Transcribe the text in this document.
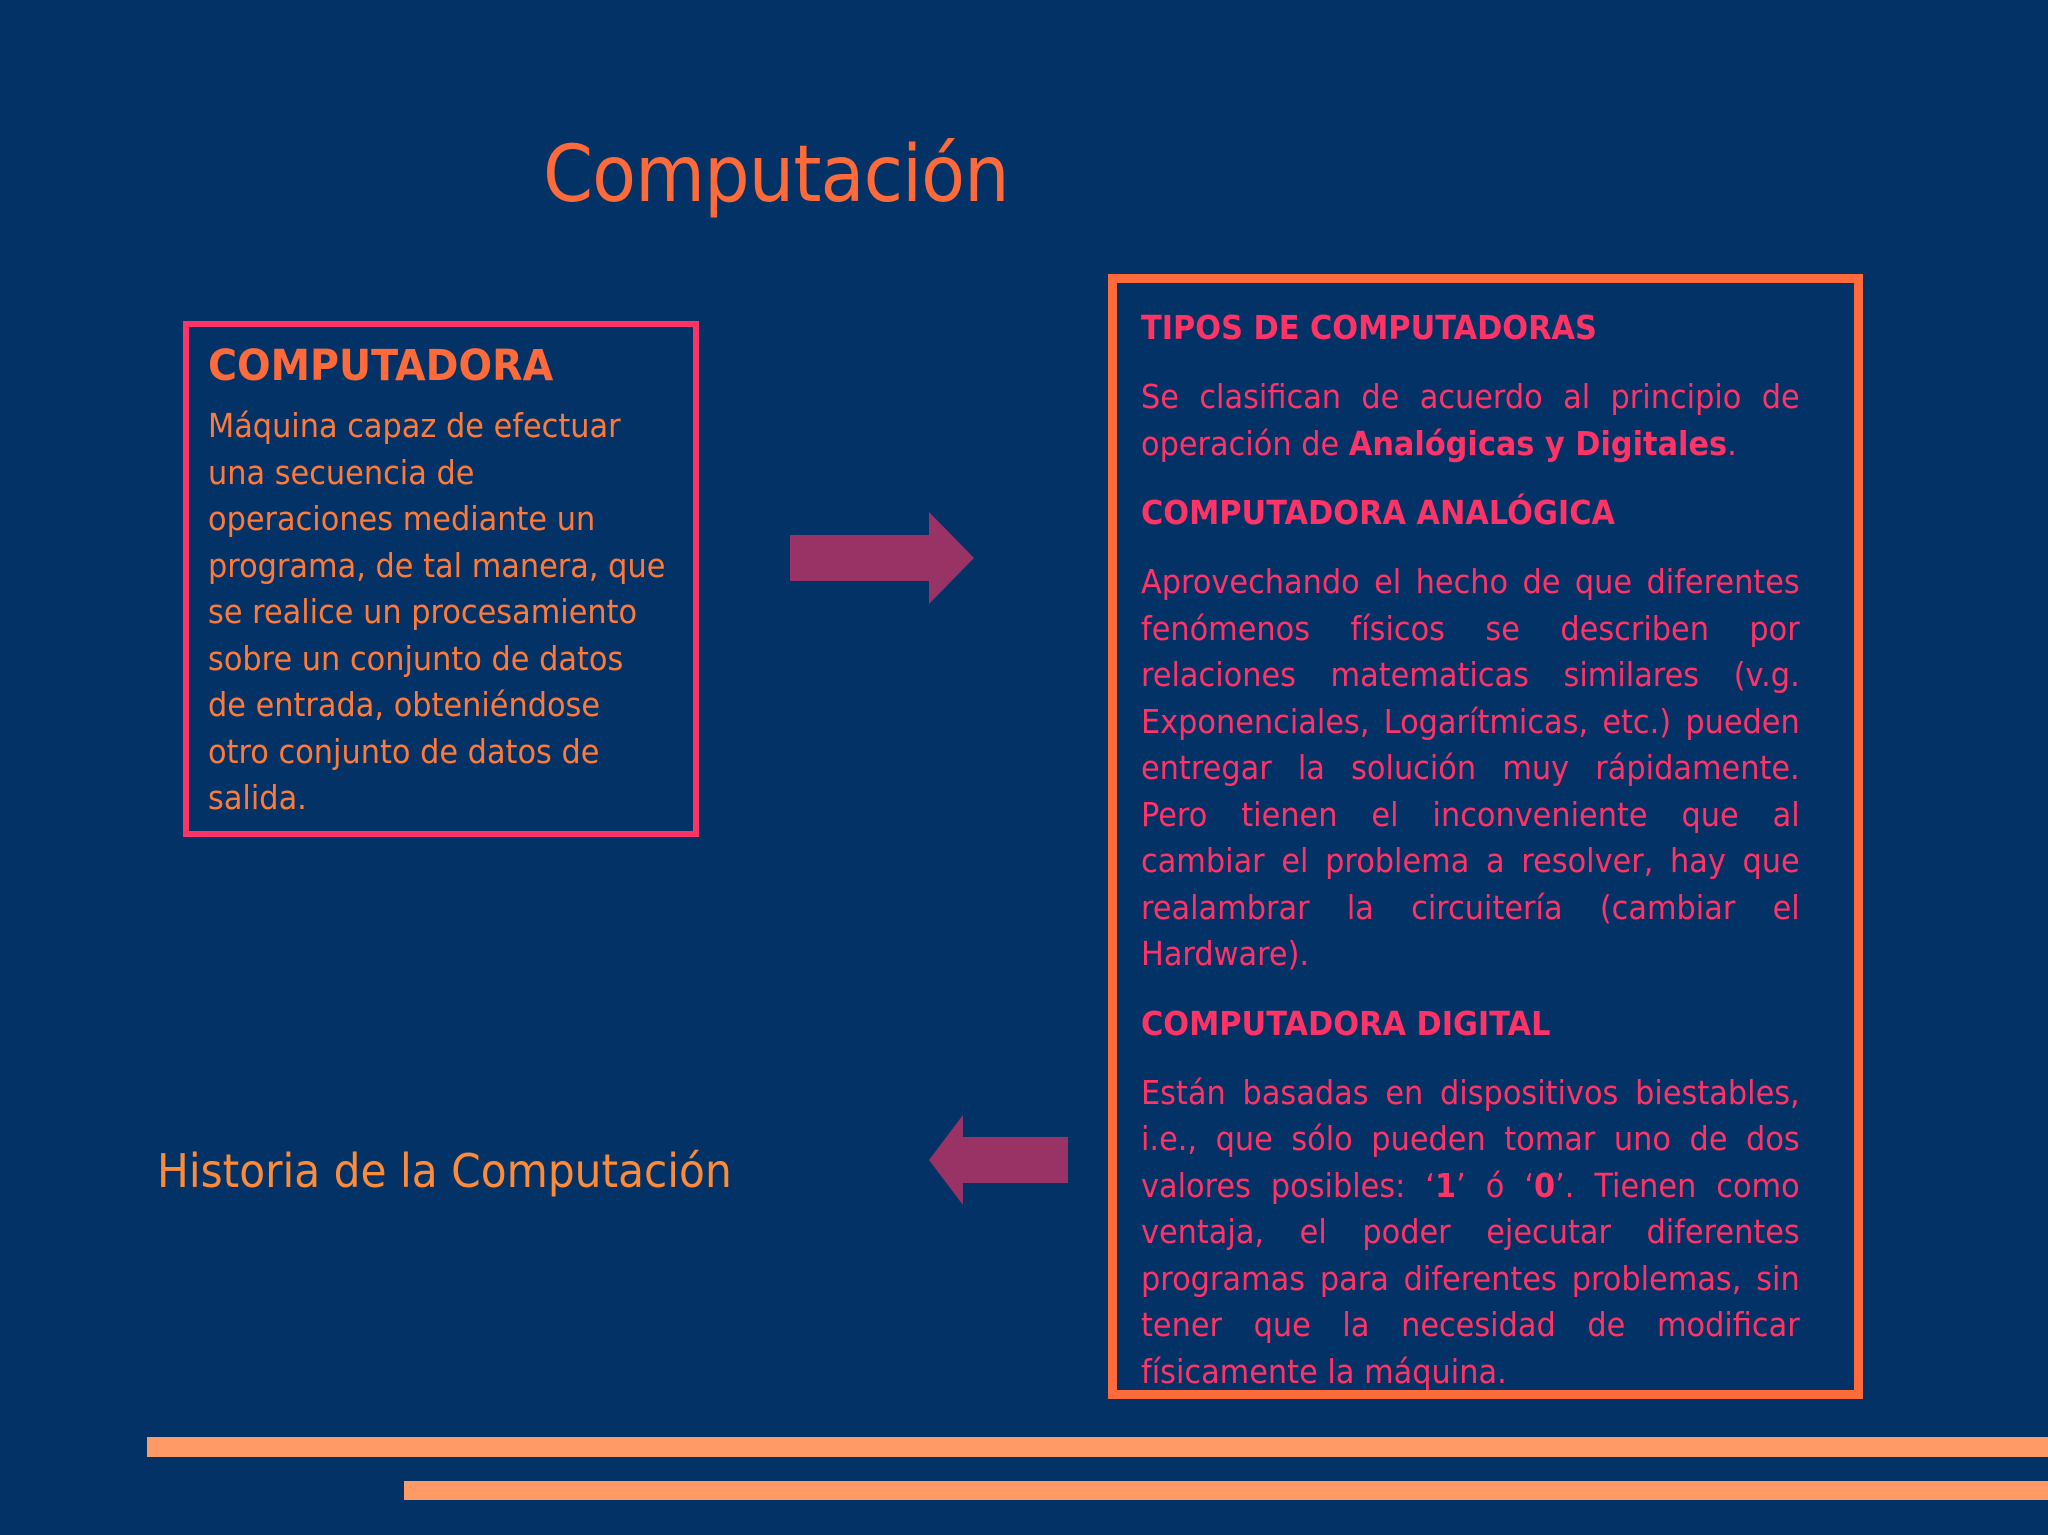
Computación
COMPUTADORA

Máquina capaz de efectuar una secuencia de operaciones mediante un programa, de tal manera, que se realice un procesamiento sobre un conjunto de datos de entrada, obteniéndose otro conjunto de datos de salida.

Historia de la Computación
TIPOS DE COMPUTADORAS

Se clasifican de acuerdo al principio de operación de Analógicas y Digitales.

COMPUTADORA ANALÓGICA

Aprovechando el hecho de que diferentes fenómenos físicos se describen por relaciones matematicas similares (v.g. Exponenciales, Logarítmicas, etc.) pueden entregar la solución muy rápidamente. Pero tienen el inconveniente que al cambiar el problema a resolver, hay que realambrar la circuitería (cambiar el Hardware).

COMPUTADORA DIGITAL

Están basadas en dispositivos biestables, i.e., que sólo pueden tomar uno de dos valores posibles: ‘1’ ó ‘0’. Tienen como ventaja, el poder ejecutar diferentes programas para diferentes problemas, sin tener que la necesidad de modificar físicamente la máquina.
